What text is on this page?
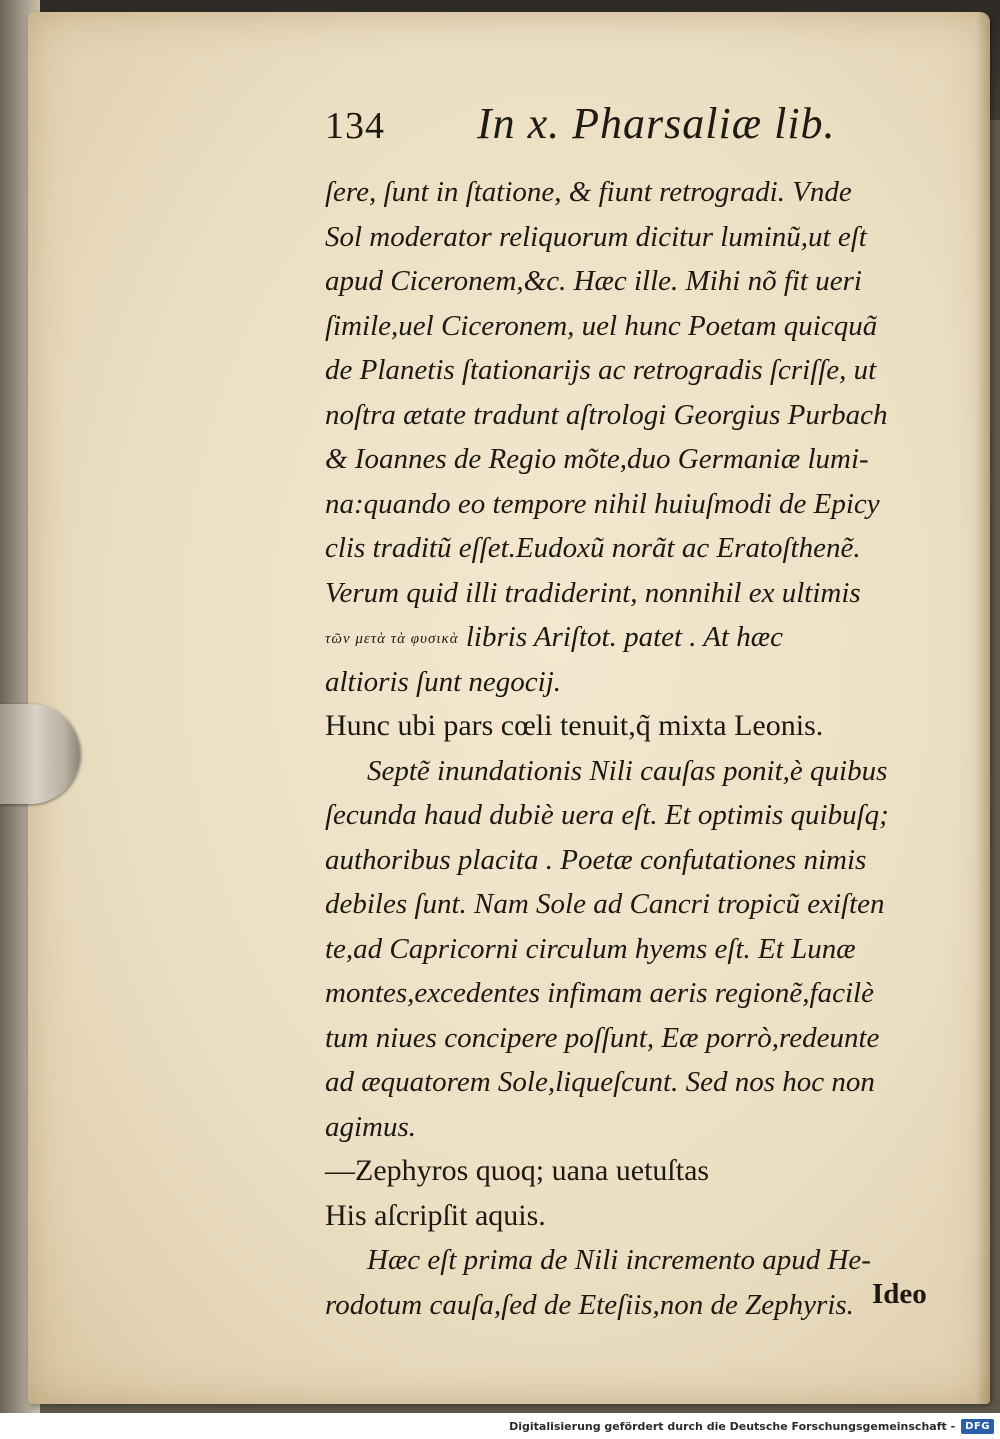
134 In x. Pharsaliæ lib.
ſere, ſunt in ſtatione, & fiunt retrogradi. Vnde
Sol moderator reliquorum dicitur luminũ,ut eſt
apud Ciceronem,&c. Hæc ille. Mihi nõ fit ueri
ſimile,uel Ciceronem, uel hunc Poetam quicquã
de Planetis ſtationarijs ac retrogradis ſcriſſe, ut
noſtra ætate tradunt aſtrologi Georgius Purbach
& Ioannes de Regio mõte,duo Germaniæ lumi-
na:quando eo tempore nihil huiuſmodi de Epicy
clis traditũ eſſet.Eudoxũ norãt ac Eratoſthenẽ.
Verum quid illi tradiderint, nonnihil ex ultimis
τῶν μετὰ τὰ φυσικὰ libris Ariſtot. patet . At hæc
altioris ſunt negocij.
Hunc ubi pars cœli tenuit,q̃ mixta Leonis.
Septẽ inundationis Nili cauſas ponit,è quibus
ſecunda haud dubiè uera eſt. Et optimis quibuſq;
authoribus placita . Poetæ confutationes nimis
debiles ſunt. Nam Sole ad Cancri tropicũ exiſten
te,ad Capricorni circulum hyems eſt. Et Lunæ
montes,excedentes infimam aeris regionẽ,facilè
tum niues concipere poſſunt, Eæ porrò,redeunte
ad æquatorem Sole,liqueſcunt. Sed nos hoc non
agimus.
—Zephyros quoq; uana uetuſtas
His aſcripſit aquis.
Hæc eſt prima de Nili incremento apud He-
rodotum cauſa,ſed de Eteſiis,non de Zephyris. Ideo
Digitalisierung gefördert durch die Deutsche Forschungsgemeinschaft -	DFG
